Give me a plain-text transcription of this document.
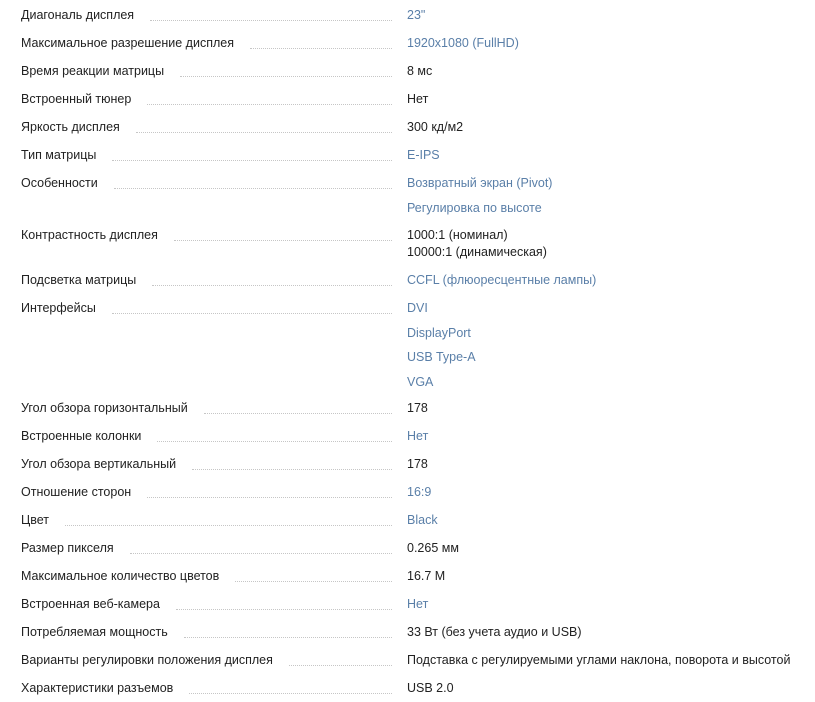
Диагональ дисплея	23"
Максимальное разрешение дисплея	1920x1080 (FullHD)
Время реакции матрицы	8 мс
Встроенный тюнер	Нет
Яркость дисплея	300 кд/м2
Тип матрицы	E-IPS
Особенности	Возвратный экран (Pivot)
Регулировка по высоте
Контрастность дисплея	1000:1 (номинал)
10000:1 (динамическая)
Подсветка матрицы	CCFL (флюоресцентные лампы)
Интерфейсы	DVI
DisplayPort
USB Type-A
VGA
Угол обзора горизонтальный	178
Встроенные колонки	Нет
Угол обзора вертикальный	178
Отношение сторон	16:9
Цвет	Black
Размер пикселя	0.265 мм
Максимальное количество цветов	16.7 M
Встроенная веб-камера	Нет
Потребляемая мощность	33 Вт (без учета аудио и USB)
Варианты регулировки положения дисплея	Подставка с регулируемыми углами наклона, поворота и высотой
Характеристики разъемов	USB 2.0
